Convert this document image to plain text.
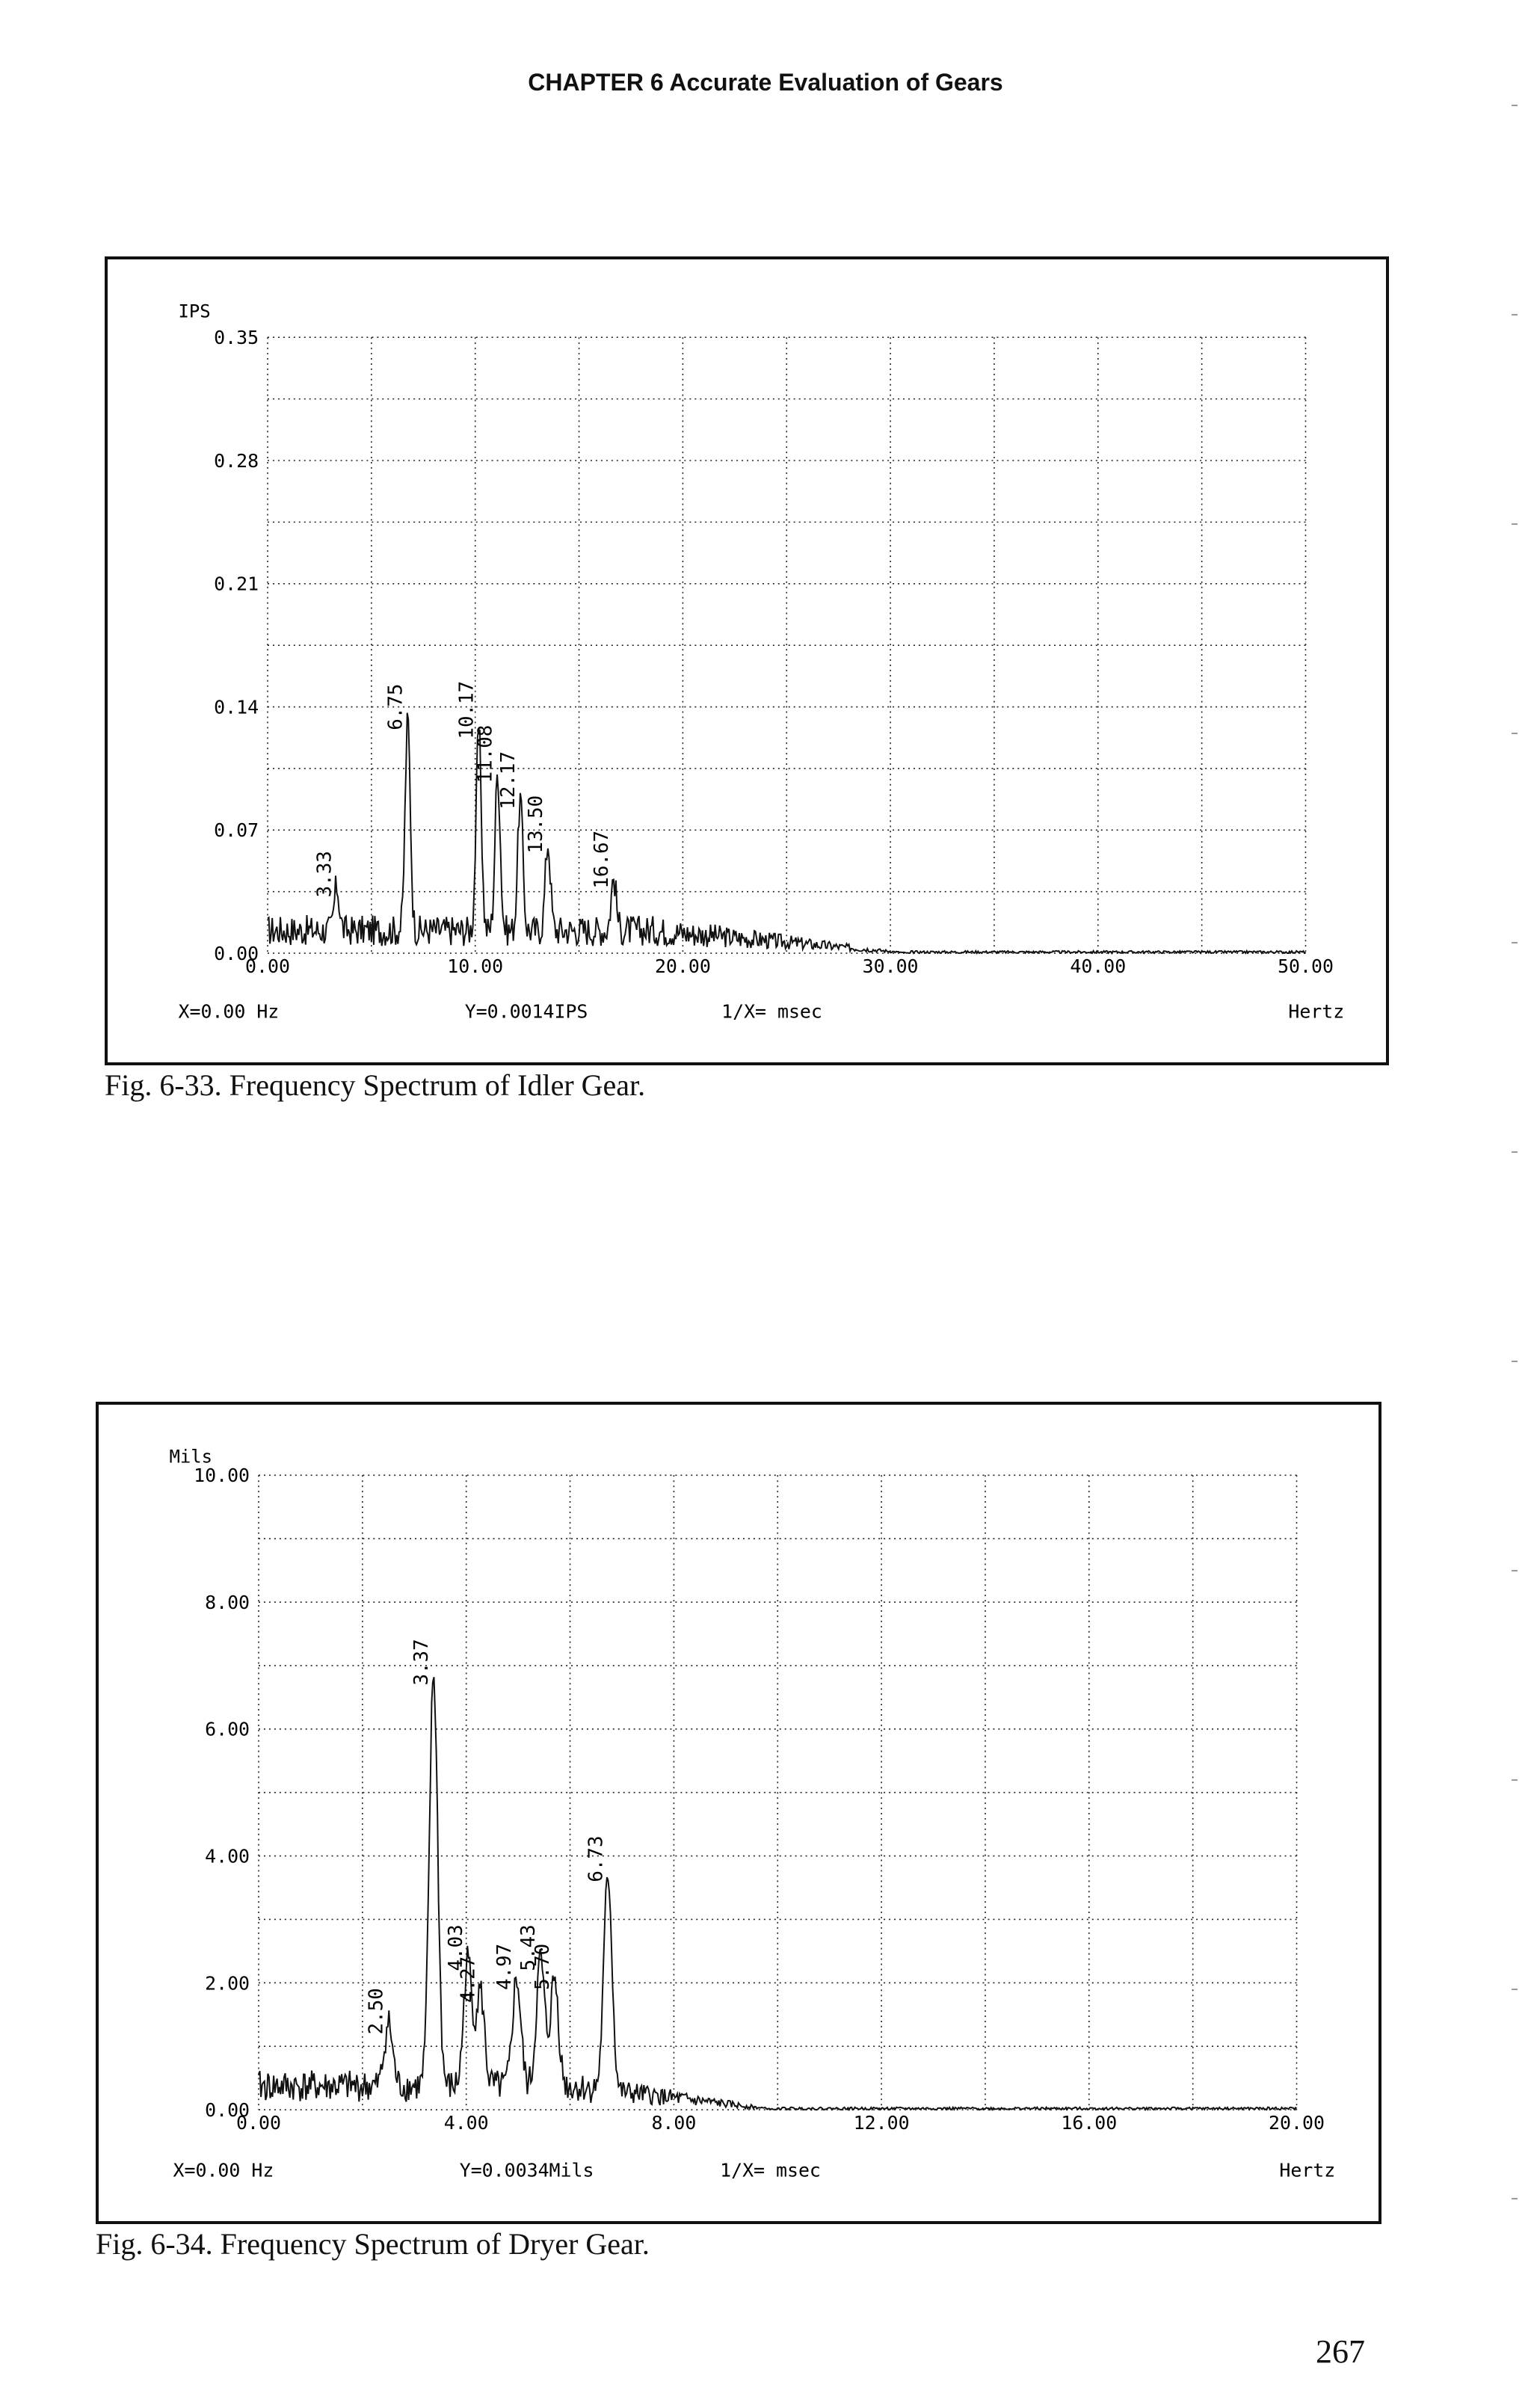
CHAPTER 6 Accurate Evaluation of Gears
IPS
0.35
0.28
0.21
0.14
0.07
0.00
0.00	10.00	20.00	30.00	40.00	50.00
3.33
6.75 10.17
11.08 12.17
13.50
16.67
X=0.00 Hz	Y=0.0014IPS	1/X= msec	Hertz
Fig. 6-33. Frequency Spectrum of Idler Gear.
Mils
10.00
8.00
6.00
4.00
2.00
0.00
0.00	4.00	8.00	12.00	16.00	20.00
2.50
3.37
4.03
4.27 4.97 5.43
5.70
6.73
X=0.00 Hz	Y=0.0034Mils	1/X= msec	Hertz
Fig. 6-34. Frequency Spectrum of Dryer Gear.
267
